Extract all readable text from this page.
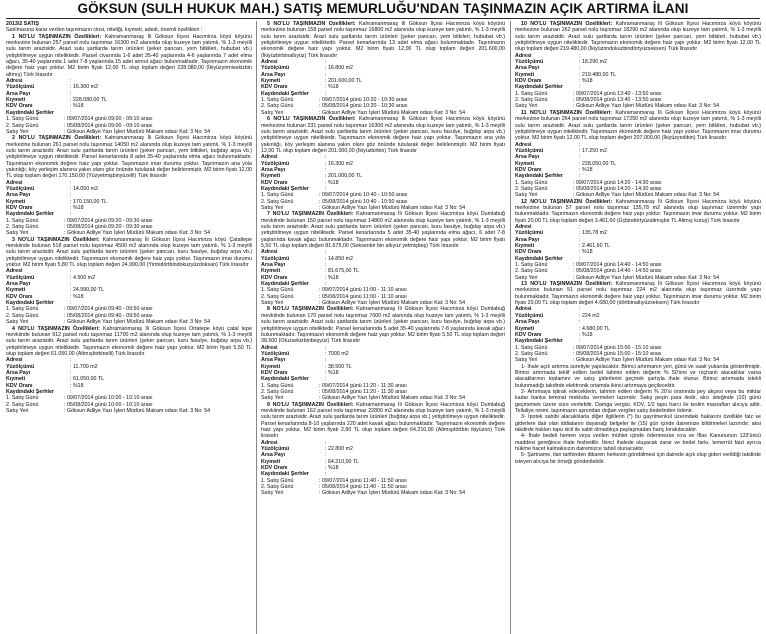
GÖKSUN (SULH HUKUK MAH.) SATIŞ MEMURLUĞU'NDAN TAŞINMAZIN AÇIK ARTIRMA İLANI

2013/2 SATIŞ

Satılmasına karar verilen taşınmazın cinsi, niteliği, kıymeti, adedi, önemli özellikleri :

1 NO'LU TAŞINMAZIN Özellikleri: Kahramanmaraş İli Göksun İlçesi Hacımirza köyü köyünü merkezine bulunan 257 parsel nolu taşınmaz 16300 m2 alanında olup kuzeye tam yatımlı, % 1-3 meyilli sulu tarım arazisidir. Arazi sulu şartlarda tarım ürünleri (şeker pancarı, yem bitkileri, hububat vb.) yetiştirilmeye uygun niteliktedir. Parsel civarında 1-6 adet 35-40 yaşlarında 4-6 yaşlarında 7 adet elma ağacı, 35-40 yaşlarında 1 adet 7-8 yaşlarında 15 adet armut ağacı bulunmaktadır. Taşınmazın ekonomik değere haiz yapı yoktur. M2 birim fiyatı 12,00 TL olup toplam değeri 228.080,00 (İkiyüzyirmisekizbin altmış) Türk lirasıdır

Adresi	:
Yüzölçümü	: 16.300 m2
Arsa Payı	:
Kıymeti	: 228.080,00 TL
KDV Oranı	: %18
Kaydındaki Şerhler	:
1. Satış Günü	: 09/07/2014 günü 09:00 - 09:10 arası
2. Satış Günü	: 05/08/2014 günü 09:00 - 09:10 arası
Satış Yeri	: Göksun Adliye Yazı İşleri Müdürü Makam odası Kat: 3 No: 54

2 NO'LU TAŞINMAZIN Özellikleri: Kahramanmaraş İli Göksun İlçesi Hacımirza köyü köyünü merkezine bulunan 261 parsel nolu taşınmaz 14050 m2 alanında olup kuzeye tam yatımlı, % 1-3 meyilli sulu tarım arazisidir. Arazi sulu şartlarda tarım ürünleri (şeker pancarı, yem bitkileri, buğday arpa vb.) yetiştirilmeye uygun niteliktedir. Parsel kenarlarında 8 adet 35-40 yaşlarında elma ağacı bulunmaktadır. Taşınmazın ekonomik değere haiz yapı yoktur. Taşınmazın imar durumu yoktur. Taşınmazın ana yola yakınlığı, köy yerleşim alanına yakın olanı göz önünde tutularak değer belirlenmiştir. M2 birim fiyatı 12,00 TL olup toplam değeri 170.150,00 (Yüzyetmişbinyüzelli) Türk lirasıdır

Adresi	:
Yüzölçümü	: 14.050 m2
Arsa Payı	:
Kıymeti	: 170.150,00 TL
KDV Oranı	: %18
Kaydındaki Şerhler	:
1. Satış Günü	: 09/07/2014 günü 09:20 - 09:30 arası
2. Satış Günü	: 05/08/2014 günü 09:20 - 09:30 arası
Satış Yeri	: Göksun Adliye Yazı İşleri Müdürü Makam odası Kat: 3 No: 54

3 NO'LU TAŞINMAZIN Özellikleri: Kahramanmaraş İli Göksun İlçesi Hacımirza köyü Çataltepe mevkiinde bulunan 518 parsel nolu taşınmaz 4500 m2 alanında olup kuzeye tam yatımlı, % 1-3 meyilli sulu tarım arazisidir. Arazi sulu şartlarda tarım ürünleri (şeker pancarı, kuru fasulye, buğday arpa vb.) yetiştirilmeye uygun niteliktedir. Taşınmazın ekonomik değere haiz yapı yoktur. Taşınmazın imar durumu yoktur. M2 birim fiyatı 5,80 TL olup toplam değeri 24.990,00 (Yirmidörtbindokuzyüzdoksan) Türk lirasıdır

Adresi	:
Yüzölçümü	: 4.500 m2
Arsa Payı	:
Kıymeti	: 24.990,00 TL
KDV Oranı	: %18
Kaydındaki Şerhler	:
1. Satış Günü	: 09/07/2014 günü 09:40 - 09:50 arası
2. Satış Günü	: 05/08/2014 günü 09:40 - 09:50 arası
Satış Yeri	: Göksun Adliye Yazı İşleri Müdürü Makam odası Kat: 3 No: 54

4 NO'LU TAŞINMAZIN Özellikleri: Kahramanmaraş İli Göksun İlçesi Ortatepe köyü çatal tepe mevkiinde bulunan 912 parsel nolu taşınmaz 11700 m2 alanında olup kuzeye tam yatımlı, % 1-3 meyilli sulu tarım arazisidir. Arazi sulu şartlarda tarım ürünleri (şeker pancarı, kuru fasulye, buğday arpa vb.) yetiştirilmeye uygun niteliktedir. Taşınmazın ekonomik değere haiz yapı yoktur. M2 birim fiyatı 5,50 TL olup toplam değeri 61.050,00 (Altmışbirbinelli) Türk lirasıdır

Adresi	:
Yüzölçümü	: 11.700 m2
Arsa Payı	:
Kıymeti	: 61.050,00 TL
KDV Oranı	: %18
Kaydındaki Şerhler	:
1. Satış Günü	: 09/07/2014 günü 10:00 - 10:10 arası
2. Satış Günü	: 05/08/2014 günü 10:00 - 10:10 arası
Satış Yeri	: Göksun Adliye Yazı İşleri Müdürü Makam odası Kat: 3 No: 54

5 NO'LU TAŞINMAZIN Özellikleri: Kahramanmaraş İli Göksun İlçesi Hacımirza köyü köyünü merkezine bulunan 158 parsel nolu taşınmaz 16800 m2 alanında olup kuzeye tam yatımlı, % 1-3 meyilli sulu tarım arazisidir. Arazi sulu şartlarda tarım ürünleri (şeker pancarı, yem bitkileri, hububat vb.) yetiştirilmeye uygun niteliktedir. Parsel kenarlarında 13 adet elma ağacı bulunmaktadır. Taşınmazın ekonomik değere haiz yapı yoktur. M2 birim fiyatı 12,00 TL olup toplam değeri 201.600,00 (İkiyüzbirbinaltıyüz) Türk lirasıdır

Adresi	:
Yüzölçümü	: 16.800 m2
Arsa Payı	:
Kıymeti	: 201.600,00 TL
KDV Oranı	: %18
Kaydındaki Şerhler	:
1. Satış Günü	: 09/07/2014 günü 10:20 - 10:30 arası
2. Satış Günü	: 05/08/2014 günü 10:20 - 10:30 arası
Satış Yeri	: Göksun Adliye Yazı İşleri Müdürü Makam odası Kat: 3 No: 54

6 NO'LU TAŞINMAZIN Özellikleri: Kahramanmaraş İli Göksun İlçesi Hacımirza köyü köyünü merkezine bulunan 231 parsel nolu taşınmaz 16300 m2 alanında olup kuzeye tam yatımlı, % 1-3 meyilli sulu tarım arazisidir. Arazi sulu şartlarda tarım ürünleri (şeker pancarı, kuru fasulye, buğday arpa vb.) yetiştirilmeye uygun niteliktedir. Taşınmazın ekonomik değere haiz yapı yoktur. Taşınmazın ana yola yakınlığı, köy yerleşim alanına yakın olanı göz önünde tutularak değer belirlenmiştir. M2 birim fiyatı 12,00 TL olup toplam değeri 201.000,00 (İkiyüzbirbin) Türk lirasıdır

Adresi	:
Yüzölçümü	: 16.300 m2
Arsa Payı	:
Kıymeti	: 201.000,00 TL
KDV Oranı	: %18
Kaydındaki Şerhler	:
1. Satış Günü	: 09/07/2014 günü 10:40 - 10:50 arası
2. Satış Günü	: 05/08/2014 günü 10:40 - 10:50 arası
Satış Yeri	: Göksun Adliye Yazı İşleri Müdürü Makam odası Kat: 3 No: 54

7 NO'LU TAŞINMAZIN Özellikleri: Kahramanmaraş İli Göksun İlçesi Hacımirza köyü Dumlabuğ mevkiinde bulunan 150 parsel nolu taşınmaz 14860 m2 alanında olup kuzeye tam yatımlı, % 1-3 meyilli sulu tarım arazisidir. Arazi sulu şartlarda tarım ürünleri (şeker pancarı, kuru fasulye, buğday arpa vb.) yetiştirilmeye uygun niteliktedir. Parsel kenarlarında 5 adet 35-40 yaşlarında elma ağacı, 6 adet 7-8 yaşlarında kavak ağacı bulunmaktadır. Taşınmazın ekonomik değere haiz yapı yoktur. M2 birim fiyatı 5,50 TL olup toplam değeri 81.675,00 (Seksenbir bin altıyüz yetmişbeş) Türk lirasıdır

Adresi	:
Yüzölçümü	: 14.850 m2
Arsa Payı	:
Kıymeti	: 81.675,00 TL
KDV Oranı	: %18
Kaydındaki Şerhler	:
1. Satış Günü	: 09/07/2014 günü 11:00 - 11:10 arası
2. Satış Günü	: 05/08/2014 günü 11:00 - 11:10 arası
Satış Yeri	: Göksun Adliye Yazı İşleri Müdürü Makam odası Kat: 3 No: 54

8 NO'LU TAŞINMAZIN Özellikleri: Kahramanmaraş İli Göksun İlçesi Hacımirza köyü Dumlabuğ mevkiinde bulunan 170 parsel nolu taşınmaz 7000 m2 alanında olup kuzeye tam yatımlı, % 1-3 meyilli sulu tarım arazisidir. Arazi sulu şartlarda tarım ürünleri (şeker pancarı, kuru fasulye, buğday arpa vb.) yetiştirilmeye uygun niteliktedir. Parsel kenarlarında 5 adet 35-40 yaşlarında 7-8 yaşlarında kavak ağacı bulunmaktadır. Taşınmazın ekonomik değere haiz yapı yoktur. M2 birim fiyatı 5,50 TL olup toplam değeri 38.500 (Otuzsekizbinbeşyüz) Türk lirasıdır

Adresi	:
Yüzölçümü	: 7000 m2
Arsa Payı	:
Kıymeti	: 38.500 TL
KDV Oranı	: %18
Kaydındaki Şerhler	:
1. Satış Günü	: 09/07/2014 günü 11:20 - 11:30 arası
2. Satış Günü	: 05/08/2014 günü 11:20 - 11:30 arası
Satış Yeri	: Göksun Adliye Yazı İşleri Müdürü Makam odası Kat: 3 No: 54

9 NO'LU TAŞINMAZIN Özellikleri: Kahramanmaraş İli Göksun İlçesi Hacımirza köyü Dumlabuğ mevkiinde bulunan 162 parsel nolu taşınmaz 22800 m2 alanında olup kuzeye tam yatımlı, % 1-3 meyilli sulu tarım arazisidir. Arazi sulu şartlarda tarım ürünleri (buğday arpa vb.) yetiştirilmeye uygun niteliktedir. Parsel kenarlarında 8-10 yaşlarında 220 adet kavak ağacı bulunmaktadır. Taşınmazın ekonomik değere haiz yapı yoktur. M2 birim fiyatı 2,80 TL olup toplam değeri 64.210,00 (Altmışdörtbin ikiyüzon) Türk lirasıdır

Adresi	:
Yüzölçümü	: 22.800 m2
Arsa Payı	:
Kıymeti	: 64.210,00 TL
KDV Oranı	: %18
Kaydındaki Şerhler	:
1. Satış Günü	: 09/07/2014 günü 11:40 - 11:50 arası
2. Satış Günü	: 05/08/2014 günü 11:40 - 11:50 arası
Satış Yeri	: Göksun Adliye Yazı İşleri Müdürü Makam odası Kat: 3 No: 54

10 NO'LU TAŞINMAZIN Özellikleri: Kahramanmaraş İli Göksun İlçesi Hacımirza köyü köyünü merkezine bulunan 262 parsel nolu taşınmaz 18290 m2 alanında olup kuzeye tam yatımlı, % 1-3 meyilli sulu tarım arazisidir. Arazi sulu şartlarda tarım ürünleri (şeker pancarı, yem bitkileri, hububat vb.) yetiştirilmeye uygun niteliktedir. Taşınmazın ekonomik değere haiz yapı yoktur. M2 birim fiyatı 12,00 TL olup toplam değeri 219.480,00 (İkiyüzondokuzbindörtyüzseksen) Türk lirasıdır

Adresi	:
Yüzölçümü	: 18.290 m2
Arsa Payı	:
Kıymeti	: 219.480,00 TL
KDV Oranı	: %18
Kaydındaki Şerhler	:
1. Satış Günü	: 09/07/2014 günü 13:40 - 13:50 arası
2. Satış Günü	: 05/08/2014 günü 13:40 - 13:50 arası
Satış Yeri	: Göksun Adliye Yazı İşleri Müdürü Makam odası Kat: 3 No: 54

11 NO'LU TAŞINMAZIN Özellikleri: Kahramanmaraş İli Göksun İlçesi Hacımirza köyü köyünü merkezine bulunan 264 parsel nolu taşınmaz 17250 m2 alanında olup kuzeye tam yatımlı, % 1-3 meyilli sulu tarım arazisidir. Arazi sulu şartlarda tarım ürünleri (şeker pancarı, yem bitkileri, hububat vb.) yetiştirilmeye uygun niteliktedir. Taşınmazın ekonomik değere haiz yapı yoktur. Taşınmazın imar durumu yoktur. M2 birim fiyatı 12,00 TL olup toplam değeri 207.000,00 (İkiyüzyedibin) Türk lirasıdır

Adresi	:
Yüzölçümü	: 17.250 m2
Arsa Payı	:
Kıymeti	: 228.050,00 TL
KDV Oranı	: %18
Kaydındaki Şerhler	:
1. Satış Günü	: 09/07/2014 günü 14:20 - 14:30 arası
2. Satış Günü	: 05/08/2014 günü 14:20 - 14:30 arası
Satış Yeri	: Göksun Adliye Yazı İşleri Müdürü Makam odası Kat: 3 No: 54

12 NO'LU TAŞINMAZIN Özellikleri: Kahramanmaraş İli Göksun İlçesi Hacımirza köyü köyünü merkezine bulunan 57 parsel nolu taşınmaz 135,78 m2 alanında olup taşınmaz üzerinde yapı bulunmaktadır. Taşınmazın ekonomik değere haiz yapı yoktur. Taşınmazın imar durumu yoktur. M2 birim fiyatı 20,00 TL olup toplam değeri 3.461,60 (Üçbindörtyüzaltmışbir TL Altmış kuruş) Türk lirasıdır

Adresi	:
Yüzölçümü	: 135,78 m2
Arsa Payı	:
Kıymeti	: 2.461,60 TL
KDV Oranı	: %18
Kaydındaki Şerhler	:
1. Satış Günü	: 09/07/2014 günü 14:40 - 14:50 arası
2. Satış Günü	: 05/08/2014 günü 14:40 - 14:50 arası
Satış Yeri	: Göksun Adliye Yazı İşleri Müdürü Makam odası Kat: 3 No: 54

13 NO'LU TAŞINMAZIN Özellikleri: Kahramanmaraş İli Göksun İlçesi Hacımirza köyü köyünü merkezine bulunan 51 parsel nolu taşınmaz 224 m2 alanında olup taşınmaz üzerinde yapı bulunmaktadır. Taşınmazın ekonomik değere haiz yapı yoktur. Taşınmazın imar durumu yoktur. M2 birim fiyatı 20,00 TL olup toplam değeri 4.680,00 (dörtbinaltıyüzseksen) Türk lirasıdır

Adresi	:
Yüzölçümü	: 224 m2
Arsa Payı	:
Kıymeti	: 4.680,00 TL
KDV Oranı	: %18
Kaydındaki Şerhler	:
1. Satış Günü	: 09/07/2014 günü 15:00 - 15:10 arası
2. Satış Günü	: 05/08/2014 günü 15:00 - 15:10 arası
Satış Yeri	: Göksun Adliye Yazı İşleri Müdürü Makam odası Kat: 3 No: 54

1- İhale açık artırma suretiyle yapılacaktır. Birinci artırmanın yeri, günü ve saati yukarıda gösterilmiştir. Birinci artırmada teklif edilen bedel tahmin edilen değerin % 50'sini ve rüçhanlı alacaklılar varsa alacaklarının toplamını ve satış giderlerini geçmek şartıyla ihale olunur. Birinci artırmada istekli bulunmadığı takdirde elektronik ortamda ikinci artırmaya geçilecektir.

2- Artırmaya iştirak edeceklerin, tahmin edilen değerin % 20'si oranında pey akçesi veya bu miktar kadar banka teminat mektubu vermeleri lazımdır. Satış peşin para iledir, alıcı isteğinde (10) günü geçmemek üzere süre verilebilir. Damga vergisi, KDV, 1/2 tapu harcı ile teslim masrafları alıcıya aittir. Tellaliye resmi, taşınmazın aynından doğan vergiler satış bedelinden ödenir.

3- İpotek sahibi alacaklılarla diğer ilgililerin (*) bu gayrimenkul üzerindeki haklarını özellikle faiz ve giderlere dair olan iddialarını dayanağı belgeler ile (15) gün içinde dairemize bildirmeleri lazımdır; aksi takdirde hakları tapu sicil ile sabit olmadıkça paylaşmadan hariç bırakılacaktır.

4- İhale bedeli hemen veya verilen mühlet içinde ödenmezse icra ve İflas Kanununun 133'üncü maddesi gereğince ihale feshedilir. İkinci ihalede oluşacak zarar ve bedel farkı, temerrüt faizi ayrıca hükme hacet kalmaksızın dairemizce tahsil olunacaktır.

5- Şartname, ilan tarihinden itibaren herkesin görebilmesi için dairede açık olup gideri verildiği takdirde isteyen alıcıya bir örneği gönderilebilir.
